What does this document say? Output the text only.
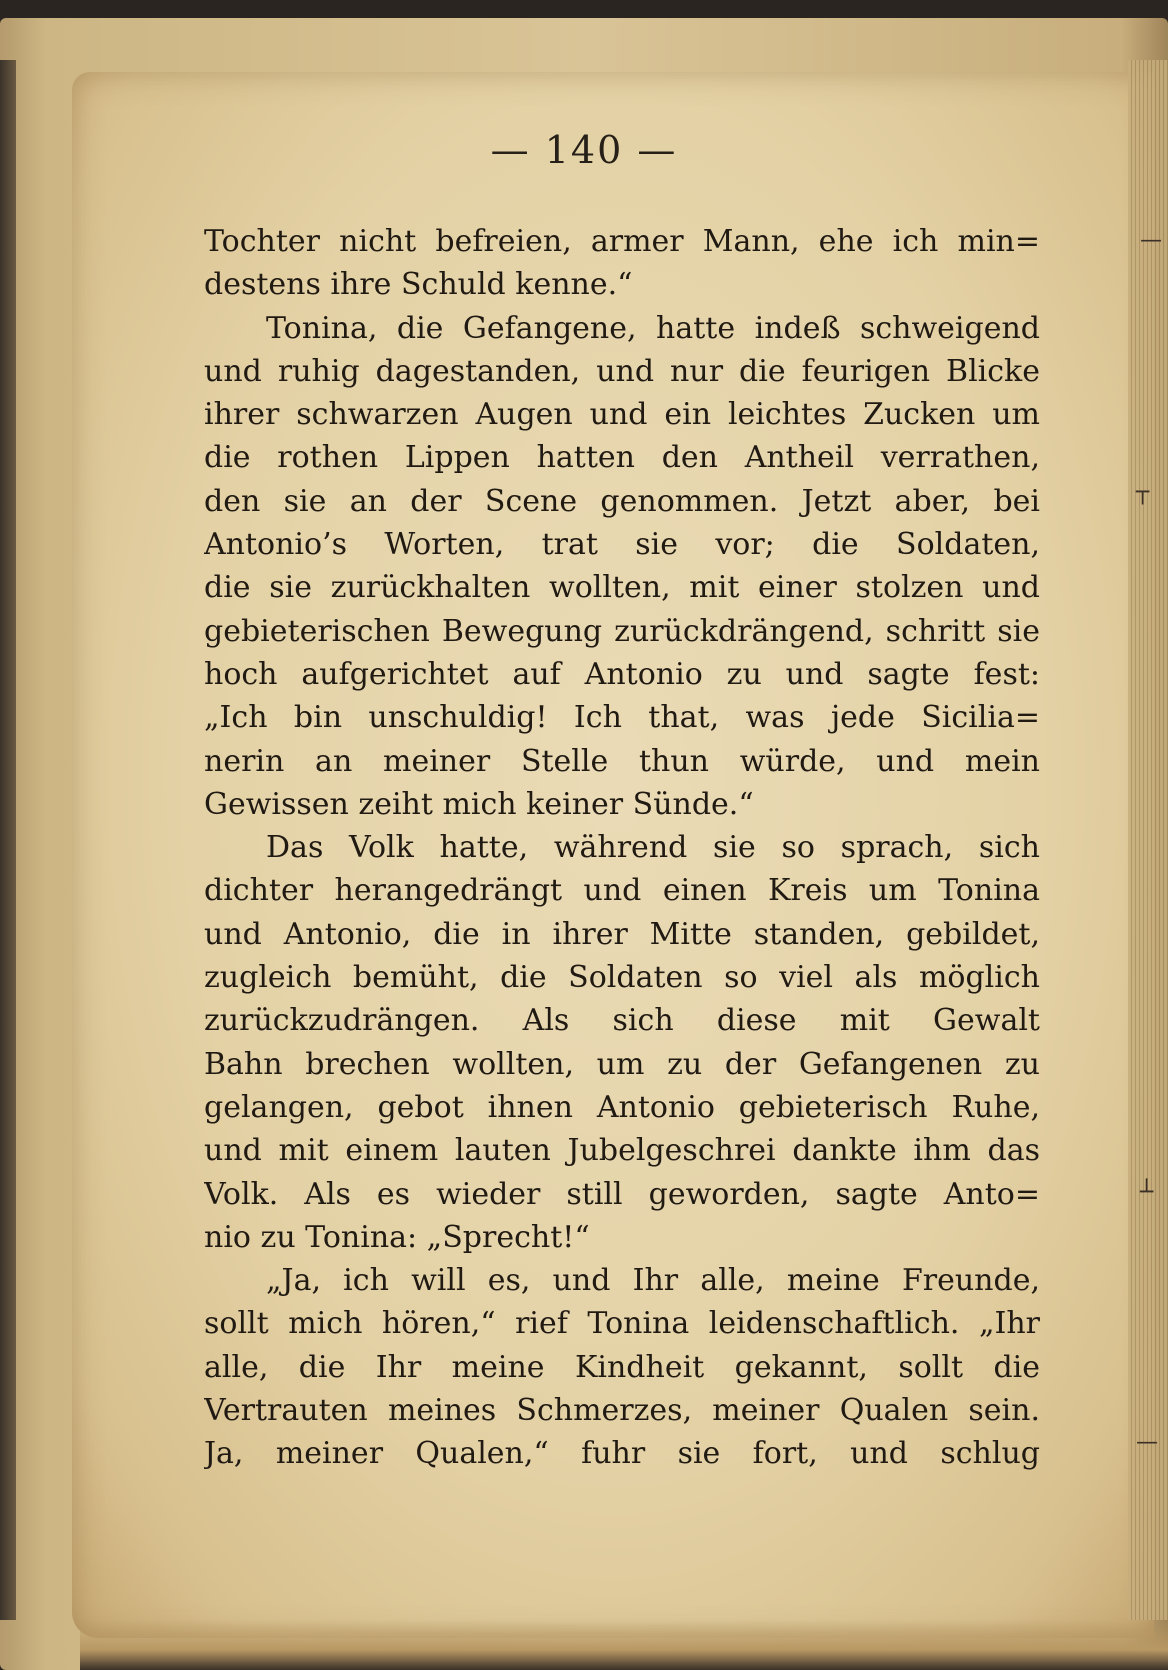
—
┬
┴
—
— 140 —
Tochter nicht befreien, armer Mann, ehe ich min=
destens ihre Schuld kenne.“
Tonina, die Gefangene, hatte indeß schweigend
und ruhig dagestanden, und nur die feurigen Blicke
ihrer schwarzen Augen und ein leichtes Zucken um
die rothen Lippen hatten den Antheil verrathen,
den sie an der Scene genommen. Jetzt aber, bei
Antonio’s Worten, trat sie vor; die Soldaten,
die sie zurückhalten wollten, mit einer stolzen und
gebieterischen Bewegung zurückdrängend, schritt sie
hoch aufgerichtet auf Antonio zu und sagte fest:
„Ich bin unschuldig! Ich that, was jede Sicilia=
nerin an meiner Stelle thun würde, und mein
Gewissen zeiht mich keiner Sünde.“
Das Volk hatte, während sie so sprach, sich
dichter herangedrängt und einen Kreis um Tonina
und Antonio, die in ihrer Mitte standen, gebildet,
zugleich bemüht, die Soldaten so viel als möglich
zurückzudrängen. Als sich diese mit Gewalt
Bahn brechen wollten, um zu der Gefangenen zu
gelangen, gebot ihnen Antonio gebieterisch Ruhe,
und mit einem lauten Jubelgeschrei dankte ihm das
Volk. Als es wieder still geworden, sagte Anto=
nio zu Tonina: „Sprecht!“
„Ja, ich will es, und Ihr alle, meine Freunde,
sollt mich hören,“ rief Tonina leidenschaftlich. „Ihr
alle, die Ihr meine Kindheit gekannt, sollt die
Vertrauten meines Schmerzes, meiner Qualen sein.
Ja, meiner Qualen,“ fuhr sie fort, und schlug
